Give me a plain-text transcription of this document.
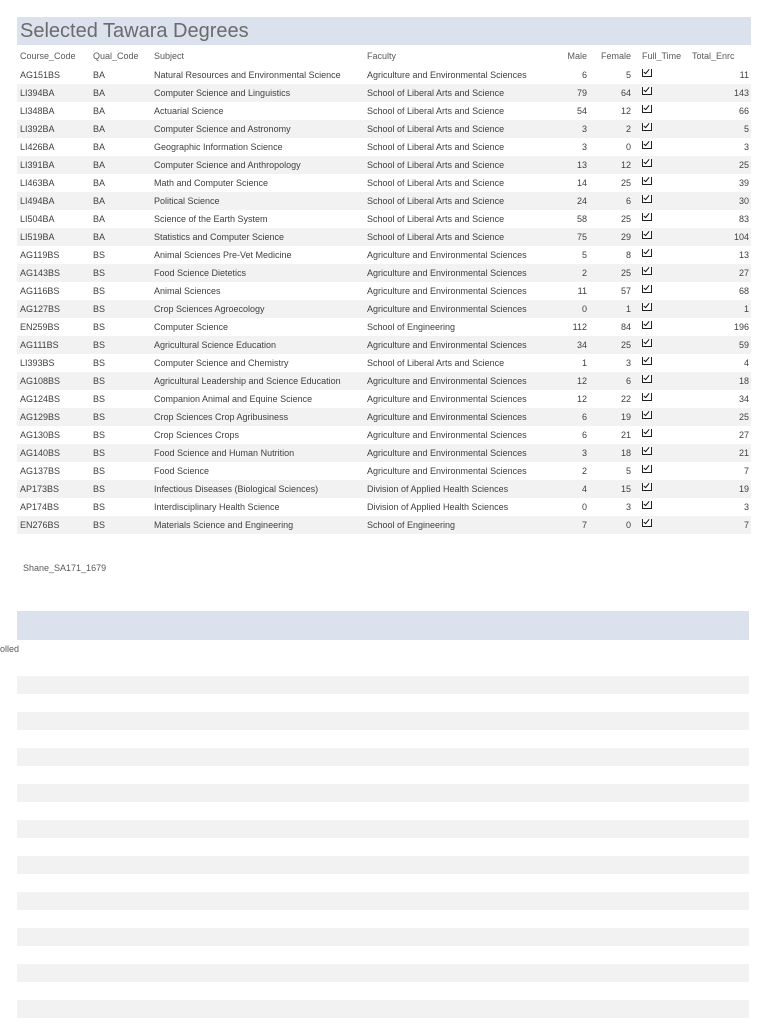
Selected Tawara Degrees
Course_Code	Qual_Code	Subject	Faculty	Male	Female	Full_Time	Total_Enrc
AG151BS	BA	Natural Resources and Environmental Science	Agriculture and Environmental Sciences	6	5	11
LI394BA	BA	Computer Science and Linguistics	School of Liberal Arts and Science	79	64	143
LI348BA	BA	Actuarial Science	School of Liberal Arts and Science	54	12	66
LI392BA	BA	Computer Science and Astronomy	School of Liberal Arts and Science	3	2	5
LI426BA	BA	Geographic Information Science	School of Liberal Arts and Science	3	0	3
LI391BA	BA	Computer Science and Anthropology	School of Liberal Arts and Science	13	12	25
LI463BA	BA	Math and Computer Science	School of Liberal Arts and Science	14	25	39
LI494BA	BA	Political Science	School of Liberal Arts and Science	24	6	30
LI504BA	BA	Science of the Earth System	School of Liberal Arts and Science	58	25	83
LI519BA	BA	Statistics and Computer Science	School of Liberal Arts and Science	75	29	104
AG119BS	BS	Animal Sciences Pre-Vet Medicine	Agriculture and Environmental Sciences	5	8	13
AG143BS	BS	Food Science Dietetics	Agriculture and Environmental Sciences	2	25	27
AG116BS	BS	Animal Sciences	Agriculture and Environmental Sciences	11	57	68
AG127BS	BS	Crop Sciences Agroecology	Agriculture and Environmental Sciences	0	1	1
EN259BS	BS	Computer Science	School of Engineering	112	84	196
AG111BS	BS	Agricultural Science Education	Agriculture and Environmental Sciences	34	25	59
LI393BS	BS	Computer Science and Chemistry	School of Liberal Arts and Science	1	3	4
AG108BS	BS	Agricultural Leadership and Science Education	Agriculture and Environmental Sciences	12	6	18
AG124BS	BS	Companion Animal and Equine Science	Agriculture and Environmental Sciences	12	22	34
AG129BS	BS	Crop Sciences Crop Agribusiness	Agriculture and Environmental Sciences	6	19	25
AG130BS	BS	Crop Sciences Crops	Agriculture and Environmental Sciences	6	21	27
AG140BS	BS	Food Science and Human Nutrition	Agriculture and Environmental Sciences	3	18	21
AG137BS	BS	Food Science	Agriculture and Environmental Sciences	2	5	7
AP173BS	BS	Infectious Diseases (Biological Sciences)	Division of Applied Health Sciences	4	15	19
AP174BS	BS	Interdisciplinary Health Science	Division of Applied Health Sciences	0	3	3
EN276BS	BS	Materials Science and Engineering	School of Engineering	7	0	7
Shane_SA171_1679
olled
